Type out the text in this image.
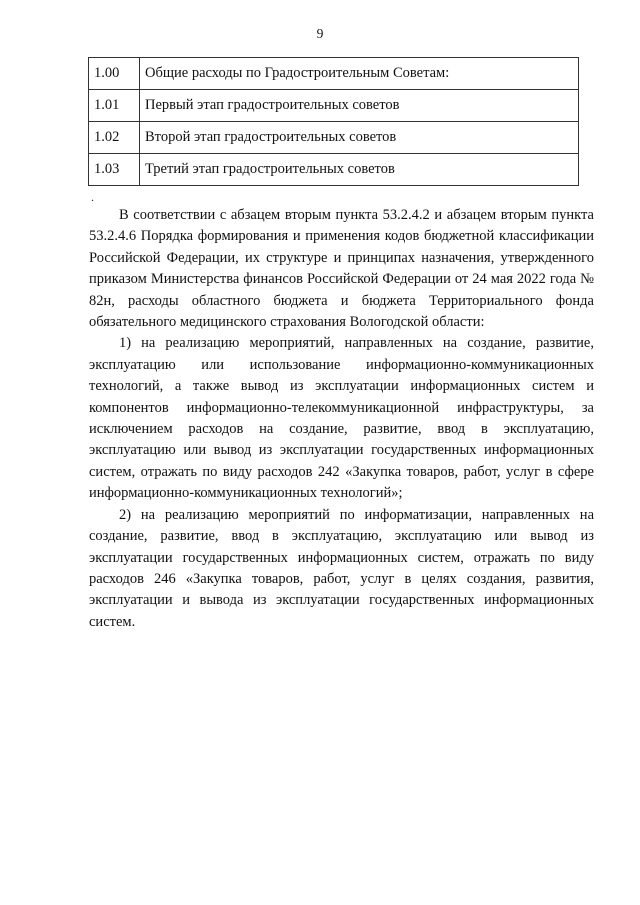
9
1.00	Общие расходы по Градостроительным Советам:
1.01	Первый этап градостроительных советов
1.02	Второй этап градостроительных советов
1.03	Третий этап градостроительных советов
.

В соответствии с абзацем вторым пункта 53.2.4.2 и абзацем вторым пункта 53.2.4.6 Порядка формирования и применения кодов бюджетной классификации Российской Федерации, их структуре и принципах назначения, утвержденного приказом Министерства финансов Российской Федерации от 24 мая 2022 года № 82н, расходы областного бюджета и бюджета Территориального фонда обязательного медицинского страхования Вологодской области:

1) на реализацию мероприятий, направленных на создание, развитие, эксплуатацию или использование информационно-коммуникационных технологий, а также вывод из эксплуатации информационных систем и компонентов информационно-телекоммуникационной инфраструктуры, за исключением расходов на создание, развитие, ввод в эксплуатацию, эксплуатацию или вывод из эксплуатации государственных информационных систем, отражать по виду расходов 242 «Закупка товаров, работ, услуг в сфере информационно-коммуникационных технологий»;

2) на реализацию мероприятий по информатизации, направленных на создание, развитие, ввод в эксплуатацию, эксплуатацию или вывод из эксплуатации государственных информационных систем, отражать по виду расходов 246 «Закупка товаров, работ, услуг в целях создания, развития, эксплуатации и вывода из эксплуатации государственных информационных систем.
